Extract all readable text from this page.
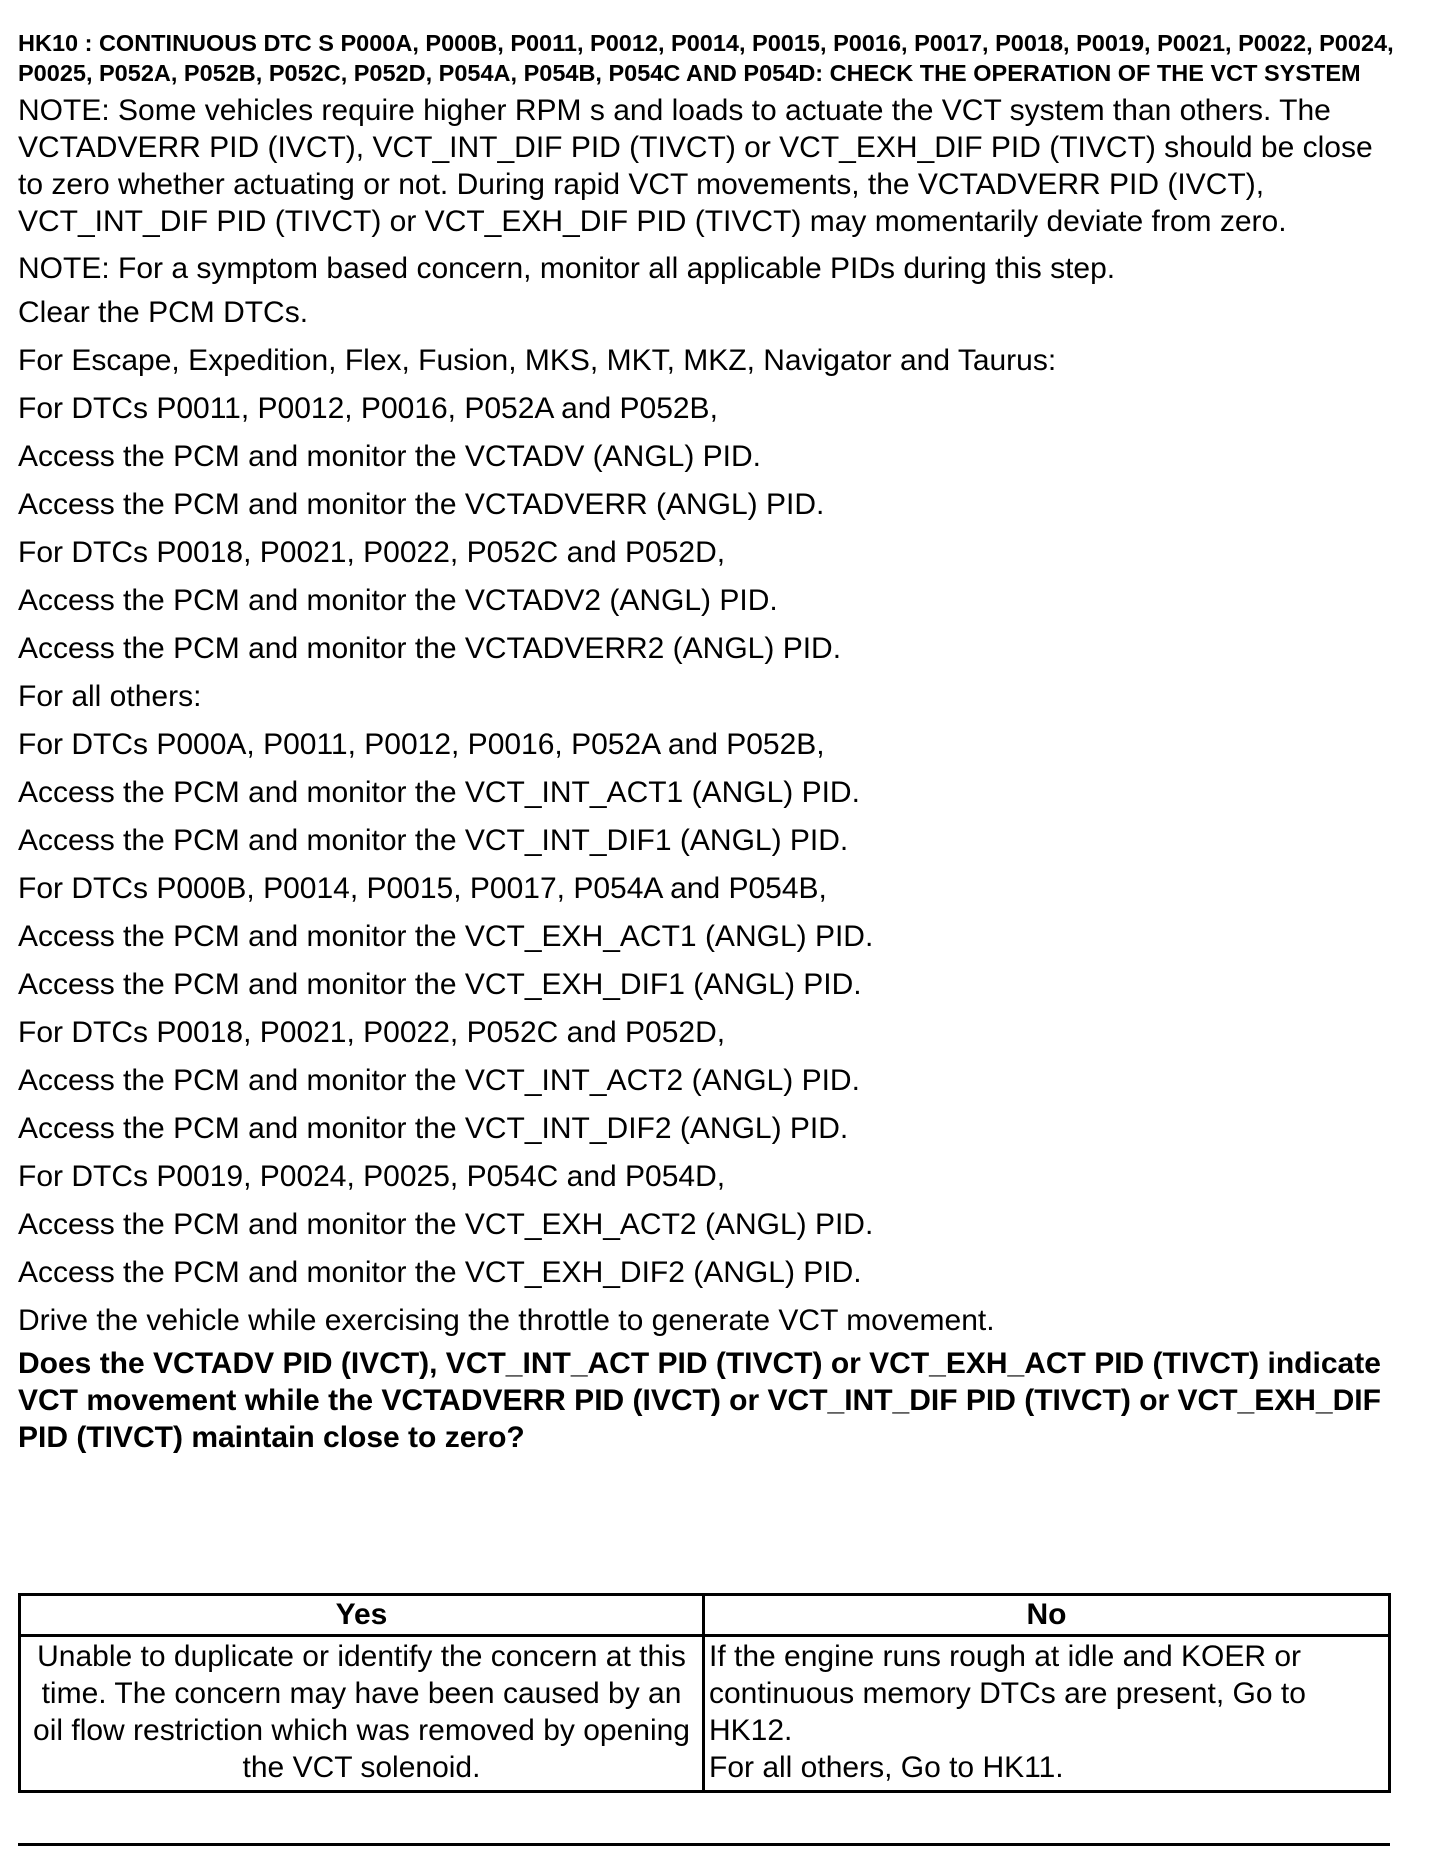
HK10 : CONTINUOUS DTC S P000A, P000B, P0011, P0012, P0014, P0015, P0016, P0017, P0018, P0019, P0021, P0022, P0024, P0025, P052A, P052B, P052C, P052D, P054A, P054B, P054C AND P054D: CHECK THE OPERATION OF THE VCT SYSTEM
NOTE: Some vehicles require higher RPM s and loads to actuate the VCT system than others. The VCTADVERR PID (IVCT), VCT_INT_DIF PID (TIVCT) or VCT_EXH_DIF PID (TIVCT) should be close to zero whether actuating or not. During rapid VCT movements, the VCTADVERR PID (IVCT), VCT_INT_DIF PID (TIVCT) or VCT_EXH_DIF PID (TIVCT) may momentarily deviate from zero.
NOTE: For a symptom based concern, monitor all applicable PIDs during this step.
Clear the PCM DTCs.
For Escape, Expedition, Flex, Fusion, MKS, MKT, MKZ, Navigator and Taurus:
For DTCs P0011, P0012, P0016, P052A and P052B,
Access the PCM and monitor the VCTADV (ANGL) PID.
Access the PCM and monitor the VCTADVERR (ANGL) PID.
For DTCs P0018, P0021, P0022, P052C and P052D,
Access the PCM and monitor the VCTADV2 (ANGL) PID.
Access the PCM and monitor the VCTADVERR2 (ANGL) PID.
For all others:
For DTCs P000A, P0011, P0012, P0016, P052A and P052B,
Access the PCM and monitor the VCT_INT_ACT1 (ANGL) PID.
Access the PCM and monitor the VCT_INT_DIF1 (ANGL) PID.
For DTCs P000B, P0014, P0015, P0017, P054A and P054B,
Access the PCM and monitor the VCT_EXH_ACT1 (ANGL) PID.
Access the PCM and monitor the VCT_EXH_DIF1 (ANGL) PID.
For DTCs P0018, P0021, P0022, P052C and P052D,
Access the PCM and monitor the VCT_INT_ACT2 (ANGL) PID.
Access the PCM and monitor the VCT_INT_DIF2 (ANGL) PID.
For DTCs P0019, P0024, P0025, P054C and P054D,
Access the PCM and monitor the VCT_EXH_ACT2 (ANGL) PID.
Access the PCM and monitor the VCT_EXH_DIF2 (ANGL) PID.
Drive the vehicle while exercising the throttle to generate VCT movement.
Does the VCTADV PID (IVCT), VCT_INT_ACT PID (TIVCT) or VCT_EXH_ACT PID (TIVCT) indicate VCT movement while the VCTADVERR PID (IVCT) or VCT_INT_DIF PID (TIVCT) or VCT_EXH_DIF PID (TIVCT) maintain close to zero?
Yes	No
Unable to duplicate or identify the concern at this time. The concern may have been caused by an oil flow restriction which was removed by opening the VCT solenoid.	If the engine runs rough at idle and KOER or continuous memory DTCs are present, Go to HK12.
For all others, Go to HK11.
